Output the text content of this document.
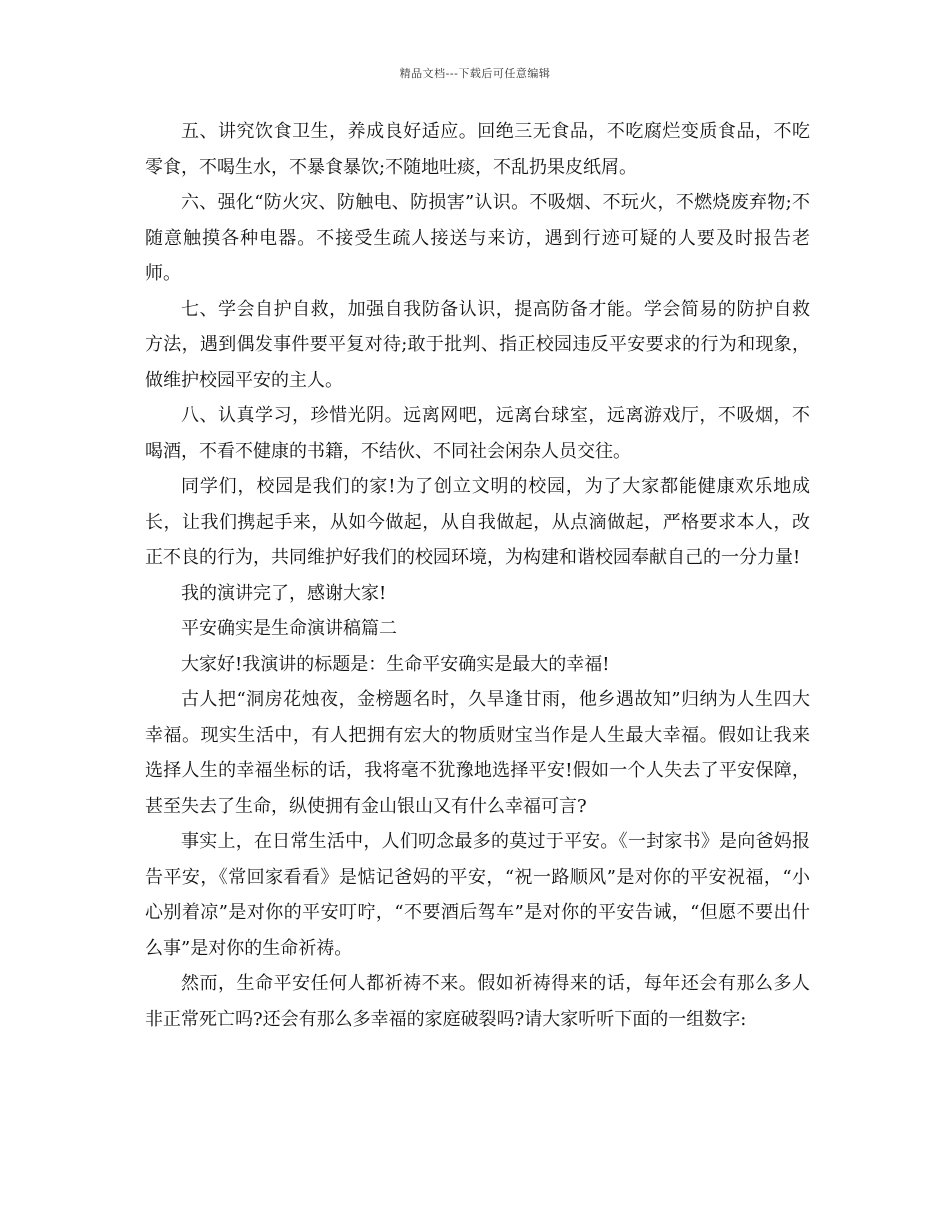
精品文档---下载后可任意编辑

五、讲究饮食卫生，养成良好适应。回绝三无食品，不吃腐烂变质食品，不吃零食，不喝生水，不暴食暴饮;不随地吐痰，不乱扔果皮纸屑。

六、强化“防火灾、防触电、防损害”认识。不吸烟、不玩火，不燃烧废弃物;不随意触摸各种电器。不接受生疏人接送与来访，遇到行迹可疑的人要及时报告老师。

七、学会自护自救，加强自我防备认识，提高防备才能。学会简易的防护自救方法，遇到偶发事件要平复对待;敢于批判、指正校园违反平安要求的行为和现象，做维护校园平安的主人。

八、认真学习，珍惜光阴。远离网吧，远离台球室，远离游戏厅，不吸烟，不喝酒，不看不健康的书籍，不结伙、不同社会闲杂人员交往。

同学们，校园是我们的家!为了创立文明的校园，为了大家都能健康欢乐地成长，让我们携起手来，从如今做起，从自我做起，从点滴做起，严格要求本人，改正不良的行为，共同维护好我们的校园环境，为构建和谐校园奉献自己的一分力量!

我的演讲完了，感谢大家!

平安确实是生命演讲稿篇二

大家好!我演讲的标题是：生命平安确实是最大的幸福!

古人把“洞房花烛夜，金榜题名时，久旱逢甘雨，他乡遇故知”归纳为人生四大幸福。现实生活中，有人把拥有宏大的物质财宝当作是人生最大幸福。假如让我来选择人生的幸福坐标的话，我将毫不犹豫地选择平安!假如一个人失去了平安保障，甚至失去了生命，纵使拥有金山银山又有什么幸福可言?

事实上，在日常生活中，人们叨念最多的莫过于平安。《一封家书》是向爸妈报告平安，《常回家看看》是惦记爸妈的平安，“祝一路顺风”是对你的平安祝福，“小心别着凉”是对你的平安叮咛，“不要酒后驾车”是对你的平安告诫，“但愿不要出什么事”是对你的生命祈祷。

然而，生命平安任何人都祈祷不来。假如祈祷得来的话，每年还会有那么多人非正常死亡吗?还会有那么多幸福的家庭破裂吗?请大家听听下面的一组数字:
